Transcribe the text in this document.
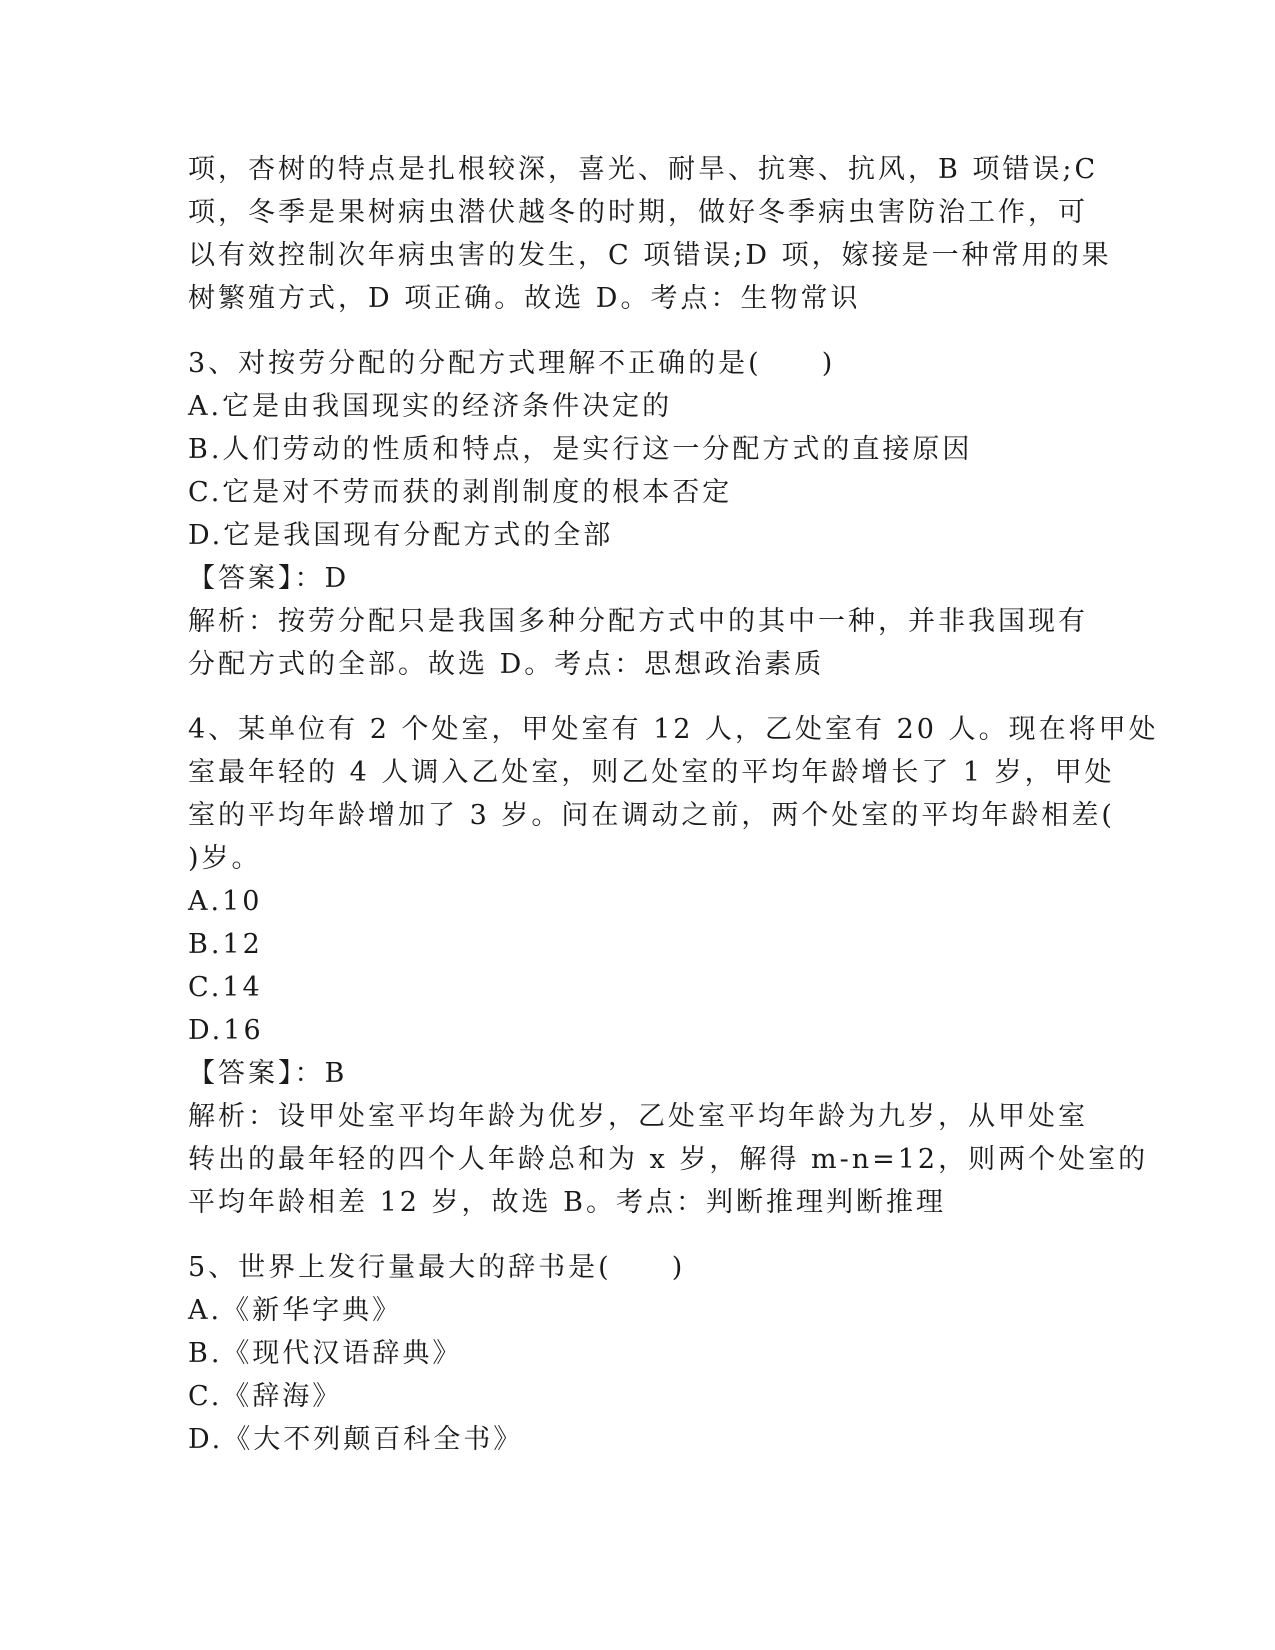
项，杏树的特点是扎根较深，喜光、耐旱、抗寒、抗风，B 项错误;C
项，冬季是果树病虫潜伏越冬的时期，做好冬季病虫害防治工作，可
以有效控制次年病虫害的发生，C 项错误;D 项，嫁接是一种常用的果
树繁殖方式，D 项正确。故选 D。考点：生物常识
3、对按劳分配的分配方式理解不正确的是(　　)
A.它是由我国现实的经济条件决定的
B.人们劳动的性质和特点，是实行这一分配方式的直接原因
C.它是对不劳而获的剥削制度的根本否定
D.它是我国现有分配方式的全部
【答案】：D
解析：按劳分配只是我国多种分配方式中的其中一种，并非我国现有
分配方式的全部。故选 D。考点：思想政治素质
4、某单位有 2 个处室，甲处室有 12 人，乙处室有 20 人。现在将甲处
室最年轻的 4 人调入乙处室，则乙处室的平均年龄增长了 1 岁，甲处
室的平均年龄增加了 3 岁。问在调动之前，两个处室的平均年龄相差(
)岁。
A.10
B.12
C.14
D.16
【答案】：B
解析：设甲处室平均年龄为优岁，乙处室平均年龄为九岁，从甲处室
转出的最年轻的四个人年龄总和为 x 岁，解得 m-n=12，则两个处室的
平均年龄相差 12 岁，故选 B。考点：判断推理判断推理
5、世界上发行量最大的辞书是(　　)
A.《新华字典》
B.《现代汉语辞典》
C.《辞海》
D.《大不列颠百科全书》
